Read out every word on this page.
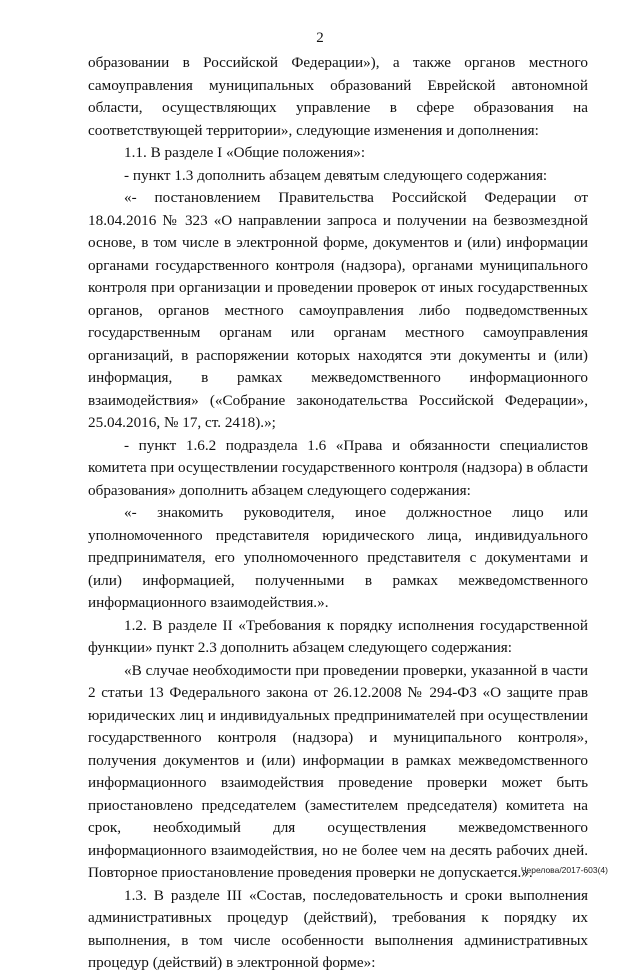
2

образовании в Российской Федерации»), а также органов местного самоуправления муниципальных образований Еврейской автономной области, осуществляющих управление в сфере образования на соответствующей территории», следующие изменения и дополнения:

1.1. В разделе I «Общие положения»:

- пункт 1.3 дополнить абзацем девятым следующего содержания:

«- постановлением Правительства Российской Федерации от 18.04.2016 № 323 «О направлении запроса и получении на безвозмездной основе, в том числе в электронной форме, документов и (или) информации органами государственного контроля (надзора), органами муниципального контроля при организации и проведении проверок от иных государственных органов, органов местного самоуправления либо подведомственных государственным органам или органам местного самоуправления организаций, в распоряжении которых находятся эти документы и (или) информация, в рамках межведомственного информационного взаимодействия» («Собрание законодательства Российской Федерации», 25.04.2016, № 17, ст. 2418).»;

- пункт 1.6.2 подраздела 1.6 «Права и обязанности специалистов комитета при осуществлении государственного контроля (надзора) в области образования» дополнить абзацем следующего содержания:

«- знакомить руководителя, иное должностное лицо или уполномоченного представителя юридического лица, индивидуального предпринимателя, его уполномоченного представителя с документами и (или) информацией, полученными в рамках межведомственного информационного взаимодействия.».

1.2. В разделе II «Требования к порядку исполнения государственной функции» пункт 2.3 дополнить абзацем следующего содержания:

«В случае необходимости при проведении проверки, указанной в части 2 статьи 13 Федерального закона от 26.12.2008 № 294-ФЗ «О защите прав юридических лиц и индивидуальных предпринимателей при осуществлении государственного контроля (надзора) и муниципального контроля», получения документов и (или) информации в рамках межведомственного информационного взаимодействия проведение проверки может быть приостановлено председателем (заместителем председателя) комитета на срок, необходимый для осуществления межведомственного информационного взаимодействия, но не более чем на десять рабочих дней. Повторное приостановление проведения проверки не допускается.».

1.3. В разделе III «Состав, последовательность и сроки выполнения административных процедур (действий), требования к порядку их выполнения, в том числе особенности выполнения административных процедур (действий) в электронной форме»:

Черелова/2017-603(4)
